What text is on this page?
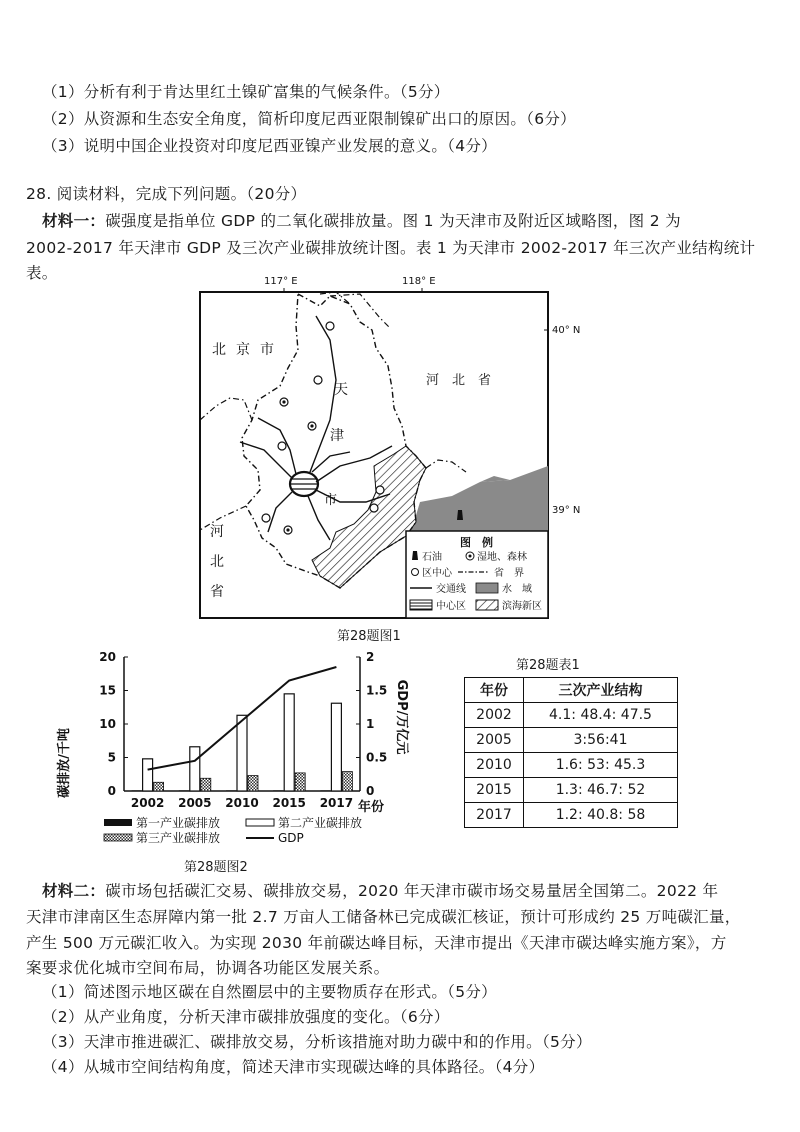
（1）分析有利于肯达里红土镍矿富集的气候条件。（5分）
（2）从资源和生态安全角度，简析印度尼西亚限制镍矿出口的原因。（6分）
（3）说明中国企业投资对印度尼西亚镍产业发展的意义。（4分）
28. 阅读材料，完成下列问题。（20分）
材料一：碳强度是指单位 GDP 的二氧化碳排放量。图 1 为天津市及附近区域略图，图 2 为
2002-2017 年天津市 GDP 及三次产业碳排放统计图。表 1 为天津市 2002-2017 年三次产业结构统计
表。	117° E	118° E
40° N
39° N
北 京 市
河　北　省
天
津
市
河
北
省
图　例
石油	湿地、森林
区中心	省　界
交通线	水　域
中心区	滨海新区
第28题图1
0
5
10
15
20
0
0.5
1
1.5
2
2002 2005 2010 2015 2017
碳排放/千吨
GDP/万亿元
年份
第一产业碳排放	第二产业碳排放
第三产业碳排放	GDP
第28题图2
第28题表1
年份	三次产业结构
2002	4.1: 48.4: 47.5
2005	3:56:41
2010	1.6: 53: 45.3
2015	1.3: 46.7: 52
2017	1.2: 40.8: 58
材料二：碳市场包括碳汇交易、碳排放交易，2020 年天津市碳市场交易量居全国第二。2022 年
天津市津南区生态屏障内第一批 2.7 万亩人工储备林已完成碳汇核证，预计可形成约 25 万吨碳汇量，
产生 500 万元碳汇收入。为实现 2030 年前碳达峰目标，天津市提出《天津市碳达峰实施方案》，方
案要求优化城市空间布局，协调各功能区发展关系。
（1）简述图示地区碳在自然圈层中的主要物质存在形式。（5分）
（2）从产业角度，分析天津市碳排放强度的变化。（6分）
（3）天津市推进碳汇、碳排放交易，分析该措施对助力碳中和的作用。（5分）
（4）从城市空间结构角度，简述天津市实现碳达峰的具体路径。（4分）
